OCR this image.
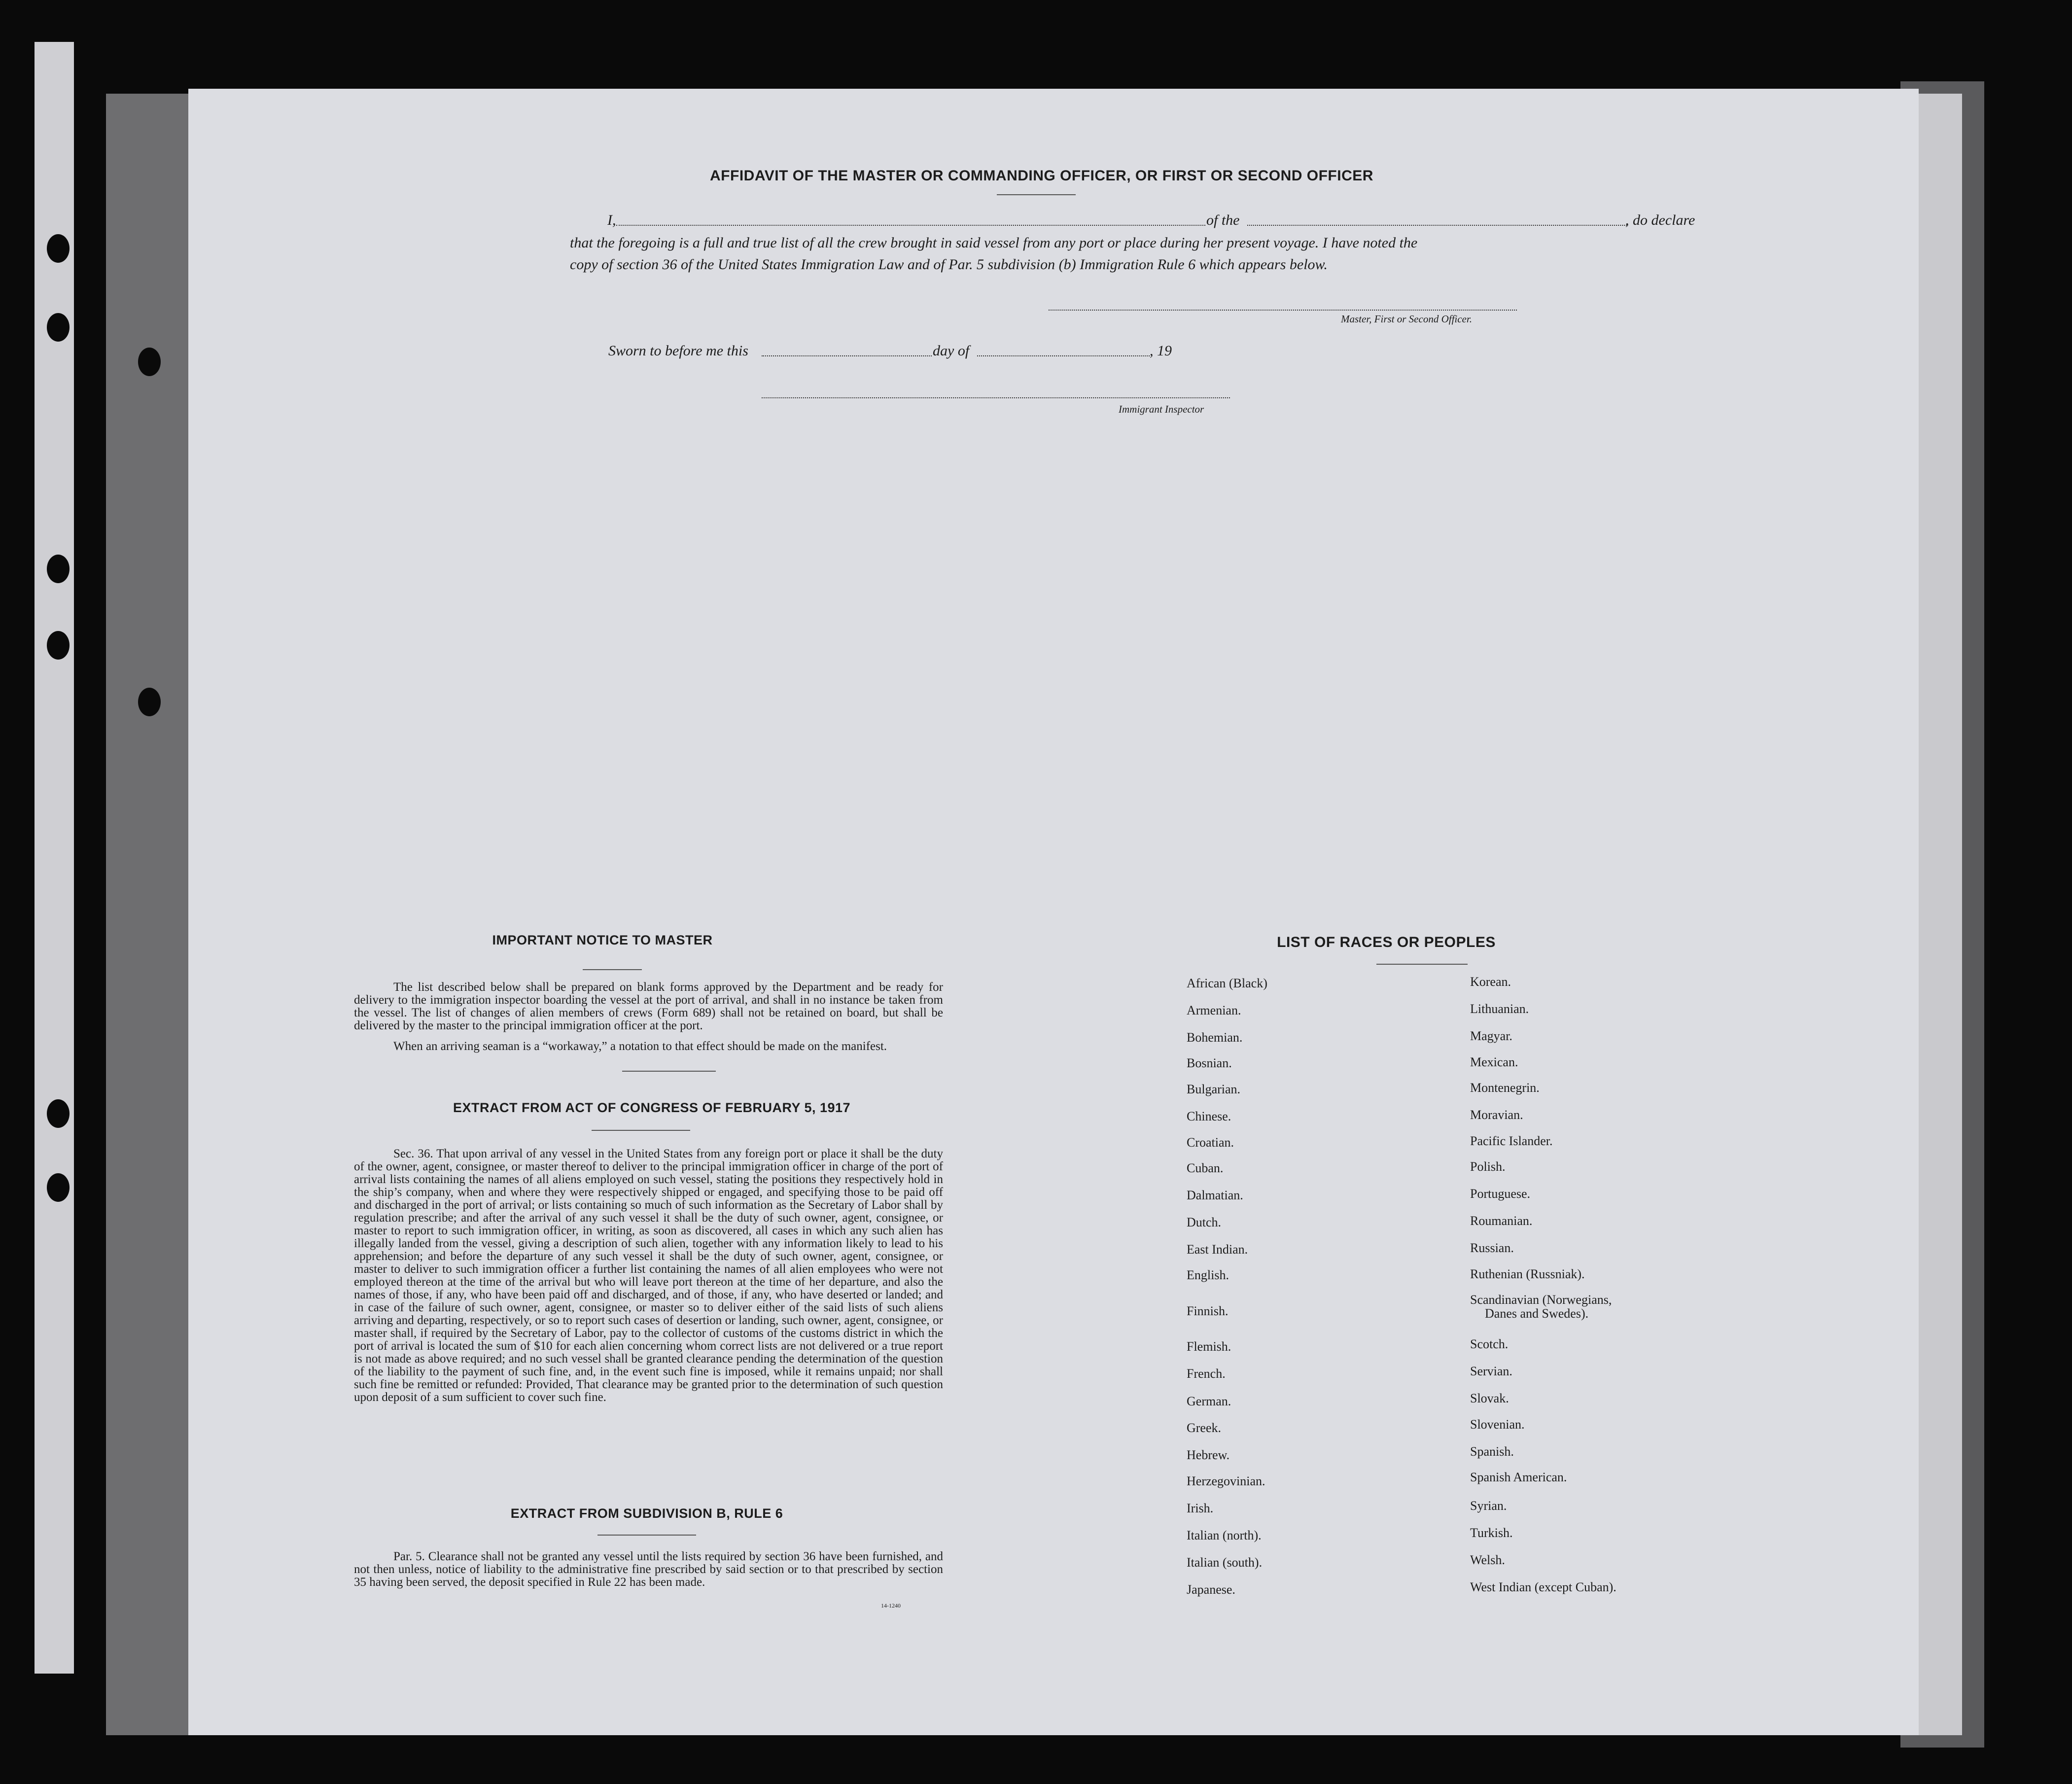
AFFIDAVIT OF THE MASTER OR COMMANDING OFFICER, OR FIRST OR SECOND OFFICER
I,	of the	, do declare
that the foregoing is a full and true list of all the crew brought in said vessel from any port or place during her present voyage. I have noted the
copy of section 36 of the United States Immigration Law and of Par. 5 subdivision (b) Immigration Rule 6 which appears below.
Master, First or Second Officer.
Sworn to before me this	day of	, 19
Immigrant Inspector
IMPORTANT NOTICE TO MASTER
The list described below shall be prepared on blank forms approved by the Department and be ready for delivery to the immigration inspector boarding the vessel at the port of arrival, and shall in no instance be taken from the vessel. The list of changes of alien members of crews (Form 689) shall not be retained on board, but shall be delivered by the master to the principal immigration officer at the port.
When an arriving seaman is a “workaway,” a notation to that effect should be made on the manifest.
EXTRACT FROM ACT OF CONGRESS OF FEBRUARY 5, 1917
Sec. 36. That upon arrival of any vessel in the United States from any foreign port or place it shall be the duty of the owner, agent, consignee, or master thereof to deliver to the principal immigration officer in charge of the port of arrival lists containing the names of all aliens employed on such vessel, stating the positions they respectively hold in the ship’s company, when and where they were respectively shipped or engaged, and specifying those to be paid off and discharged in the port of arrival; or lists containing so much of such information as the Secretary of Labor shall by regulation prescribe; and after the arrival of any such vessel it shall be the duty of such owner, agent, consignee, or master to report to such immigration officer, in writing, as soon as discovered, all cases in which any such alien has illegally landed from the vessel, giving a description of such alien, together with any information likely to lead to his apprehension; and before the departure of any such vessel it shall be the duty of such owner, agent, consignee, or master to deliver to such immigration officer a further list containing the names of all alien employees who were not employed thereon at the time of the arrival but who will leave port thereon at the time of her departure, and also the names of those, if any, who have been paid off and discharged, and of those, if any, who have deserted or landed; and in case of the failure of such owner, agent, consignee, or master so to deliver either of the said lists of such aliens arriving and departing, respectively, or so to report such cases of desertion or landing, such owner, agent, consignee, or master shall, if required by the Secretary of Labor, pay to the collector of customs of the customs district in which the port of arrival is located the sum of $10 for each alien concerning whom correct lists are not delivered or a true report is not made as above required; and no such vessel shall be granted clearance pending the determination of the question of the liability to the payment of such fine, and, in the event such fine is imposed, while it remains unpaid; nor shall such fine be remitted or refunded: Provided, That clearance may be granted prior to the determination of such question upon deposit of a sum sufficient to cover such fine.
EXTRACT FROM SUBDIVISION B, RULE 6
Par. 5. Clearance shall not be granted any vessel until the lists required by section 36 have been furnished, and not then unless, notice of liability to the administrative fine prescribed by said section or to that prescribed by section 35 having been served, the deposit specified in Rule 22 has been made.
14-1240
LIST OF RACES OR PEOPLES
African (Black)
Armenian.
Bohemian.
Bosnian.
Bulgarian.
Chinese.
Croatian.
Cuban.
Dalmatian.
Dutch.
East Indian.
English.
Finnish.
Flemish.
French.
German.
Greek.
Hebrew.
Herzegovinian.
Irish.
Italian (north).
Italian (south).
Japanese.
Korean.
Lithuanian.
Magyar.
Mexican.
Montenegrin.
Moravian.
Pacific Islander.
Polish.
Portuguese.
Roumanian.
Russian.
Ruthenian (Russniak).
Scandinavian (Norwegians,
Danes and Swedes).
Scotch.
Servian.
Slovak.
Slovenian.
Spanish.
Spanish American.
Syrian.
Turkish.
Welsh.
West Indian (except Cuban).
